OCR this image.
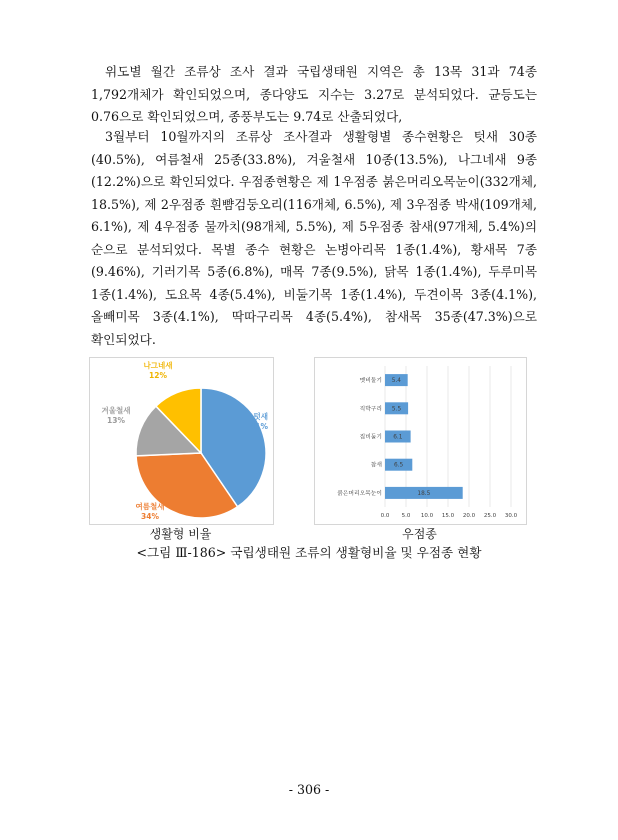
위도별 월간 조류상 조사 결과 국립생태원 지역은 총 13목 31과 74종 1,792개체가 확인되었으며, 종다양도 지수는 3.27로 분석되었다. 균등도는 0.76으로 확인되었으며, 종풍부도는 9.74로 산출되었다,
3월부터 10월까지의 조류상 조사결과 생활형별 종수현황은 텃새 30종(40.5%), 여름철새 25종(33.8%), 겨울철새 10종(13.5%), 나그네새 9종(12.2%)으로 확인되었다. 우점종현황은 제 1우점종 붉은머리오목눈이(332개체, 18.5%), 제 2우점종 흰뺨검둥오리(116개체, 6.5%), 제 3우점종 박새(109개체, 6.1%), 제 4우점종 물까치(98개체, 5.5%), 제 5우점종 참새(97개체, 5.4%)의 순으로 분석되었다. 목별 종수 현황은 논병아리목 1종(1.4%), 황새목 7종(9.46%), 기러기목 5종(6.8%), 매목 7종(9.5%), 닭목 1종(1.4%), 두루미목 1종(1.4%), 도요목 4종(5.4%), 비둘기목 1종(1.4%), 두견이목 3종(4.1%), 올빼미목 3종(4.1%), 딱따구리목 4종(5.4%), 참새목 35종(47.3%)으로 확인되었다.
텃새
41%
여름철새
34%
겨울철새
13%
나그네새
12%
0.0 5.0 10.0 15.0 20.0 25.0 30.0
멧비둘기 5.4
직박구리 5.5
집비둘기 6.1
참새 6.5
붉은머리오목눈이	18.5
생활형 비율	우점종
<그림 Ⅲ-186> 국립생태원 조류의 생활형비율 및 우점종 현황
- 306 -
